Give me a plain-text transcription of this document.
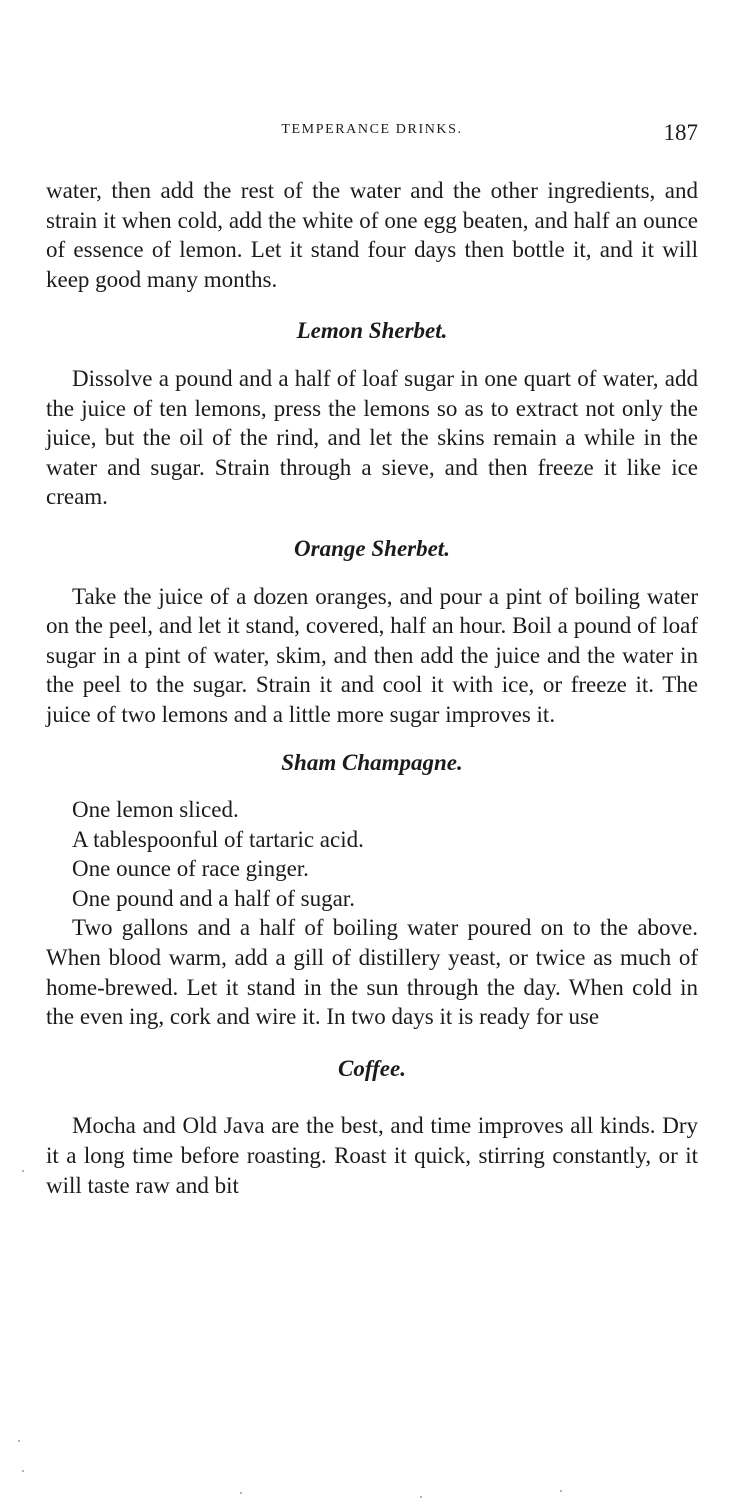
TEMPERANCE DRINKS.	187

water, then add the rest of the water and the other ingredients, and strain it when cold, add the white of one egg beaten, and half an ounce of essence of lemon. Let it stand four days then bottle it, and it will keep good many months.

Lemon Sherbet.

Dissolve a pound and a half of loaf sugar in one quart of water, add the juice of ten lemons, press the lemons so as to extract not only the juice, but the oil of the rind, and let the skins remain a while in the water and sugar. Strain through a sieve, and then freeze it like ice cream.

Orange Sherbet.

Take the juice of a dozen oranges, and pour a pint of boiling water on the peel, and let it stand, covered, half an hour. Boil a pound of loaf sugar in a pint of water, skim, and then add the juice and the water in the peel to the sugar. Strain it and cool it with ice, or freeze it. The juice of two lemons and a little more sugar improves it.

Sham Champagne.

One lemon sliced.

A tablespoonful of tartaric acid.

One ounce of race ginger.

One pound and a half of sugar.

Two gallons and a half of boiling water poured on to the above. When blood warm, add a gill of distillery yeast, or twice as much of home-brewed. Let it stand in the sun through the day. When cold in the even ing, cork and wire it. In two days it is ready for use

Coffee.

Mocha and Old Java are the best, and time improves all kinds. Dry it a long time before roasting. Roast it quick, stirring constantly, or it will taste raw and bit
